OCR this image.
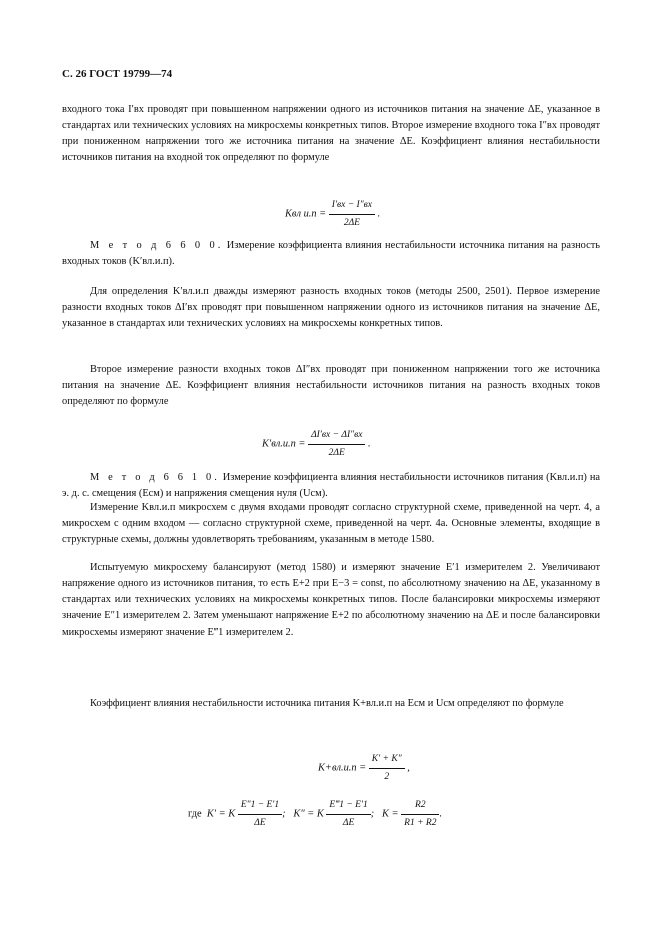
С. 26 ГОСТ 19799—74
входного тока I′вх проводят при повышенном напряжении одного из источников питания на значение ΔE, указанное в стандартах или технических условиях на микросхемы конкретных типов. Второе измерение входного тока I″вх проводят при пониженном напряжении того же источника питания на значение ΔE. Коэффициент влияния нестабильности источников питания на входной ток определяют по формуле
Kвл $и.п = \frac{I'вх - I''вх}{2\Delta E}$ .
М е т о д 6 6 0 0. Измерение коэффициента влияния нестабильности источника питания на разность входных токов (K′вл.и.п).
Для определения K′вл.и.п дважды измеряют разность входных токов (методы 2500, 2501). Первое измерение разности входных токов ΔI′вх проводят при повышенном напряжении одного из источников питания на значение ΔE, указанное в стандартах или технических условиях на микросхемы конкретных типов.
Второе измерение разности входных токов ΔI″вх проводят при пониженном напряжении того же источника питания на значение ΔE. Коэффициент влияния нестабильности источников питания на разность входных токов определяют по формуле
$K'вл.и.п = \frac{\Delta I'вх - \Delta I''вх}{2\Delta E}$ .
М е т о д 6 6 1 0. Измерение коэффициента влияния нестабильности источников питания (Kвл.и.п) на э. д. с. смещения (Eсм) и напряжения смещения нуля (Uсм).
Измерение Kвл.и.п микросхем с двумя входами проводят согласно структурной схеме, приведенной на черт. 4, а микросхем с одним входом — согласно структурной схеме, приведенной на черт. 4а. Основные элементы, входящие в структурные схемы, должны удовлетворять требованиям, указанным в методе 1580.
Испытуемую микросхему балансируют (метод 1580) и измеряют значение E′1 измерителем 2. Увеличивают напряжение одного из источников питания, то есть E+2 при E−3 = const, по абсолютному значению на ΔE, указанному в стандартах или технических условиях на микросхемы конкретных типов. После балансировки микросхемы измеряют значение E″1 измерителем 2. Затем уменьшают напряжение E+2 по абсолютному значению на ΔE и после балансировки микросхемы измеряют значение E‴1 измерителем 2.
Коэффициент влияния нестабильности источника питания K+вл.и.п на Eсм и Uсм определяют по формуле
$K+вл.и.п = \frac{K' + K''}{2}$ ,
где K′ = K $\frac{E''1 - E'1}{\Delta E}$ ; K″ = K $\frac{E‴1 - E'1}{\Delta E}$ ; $K = \frac{R2}{R1 + R2}$ .
